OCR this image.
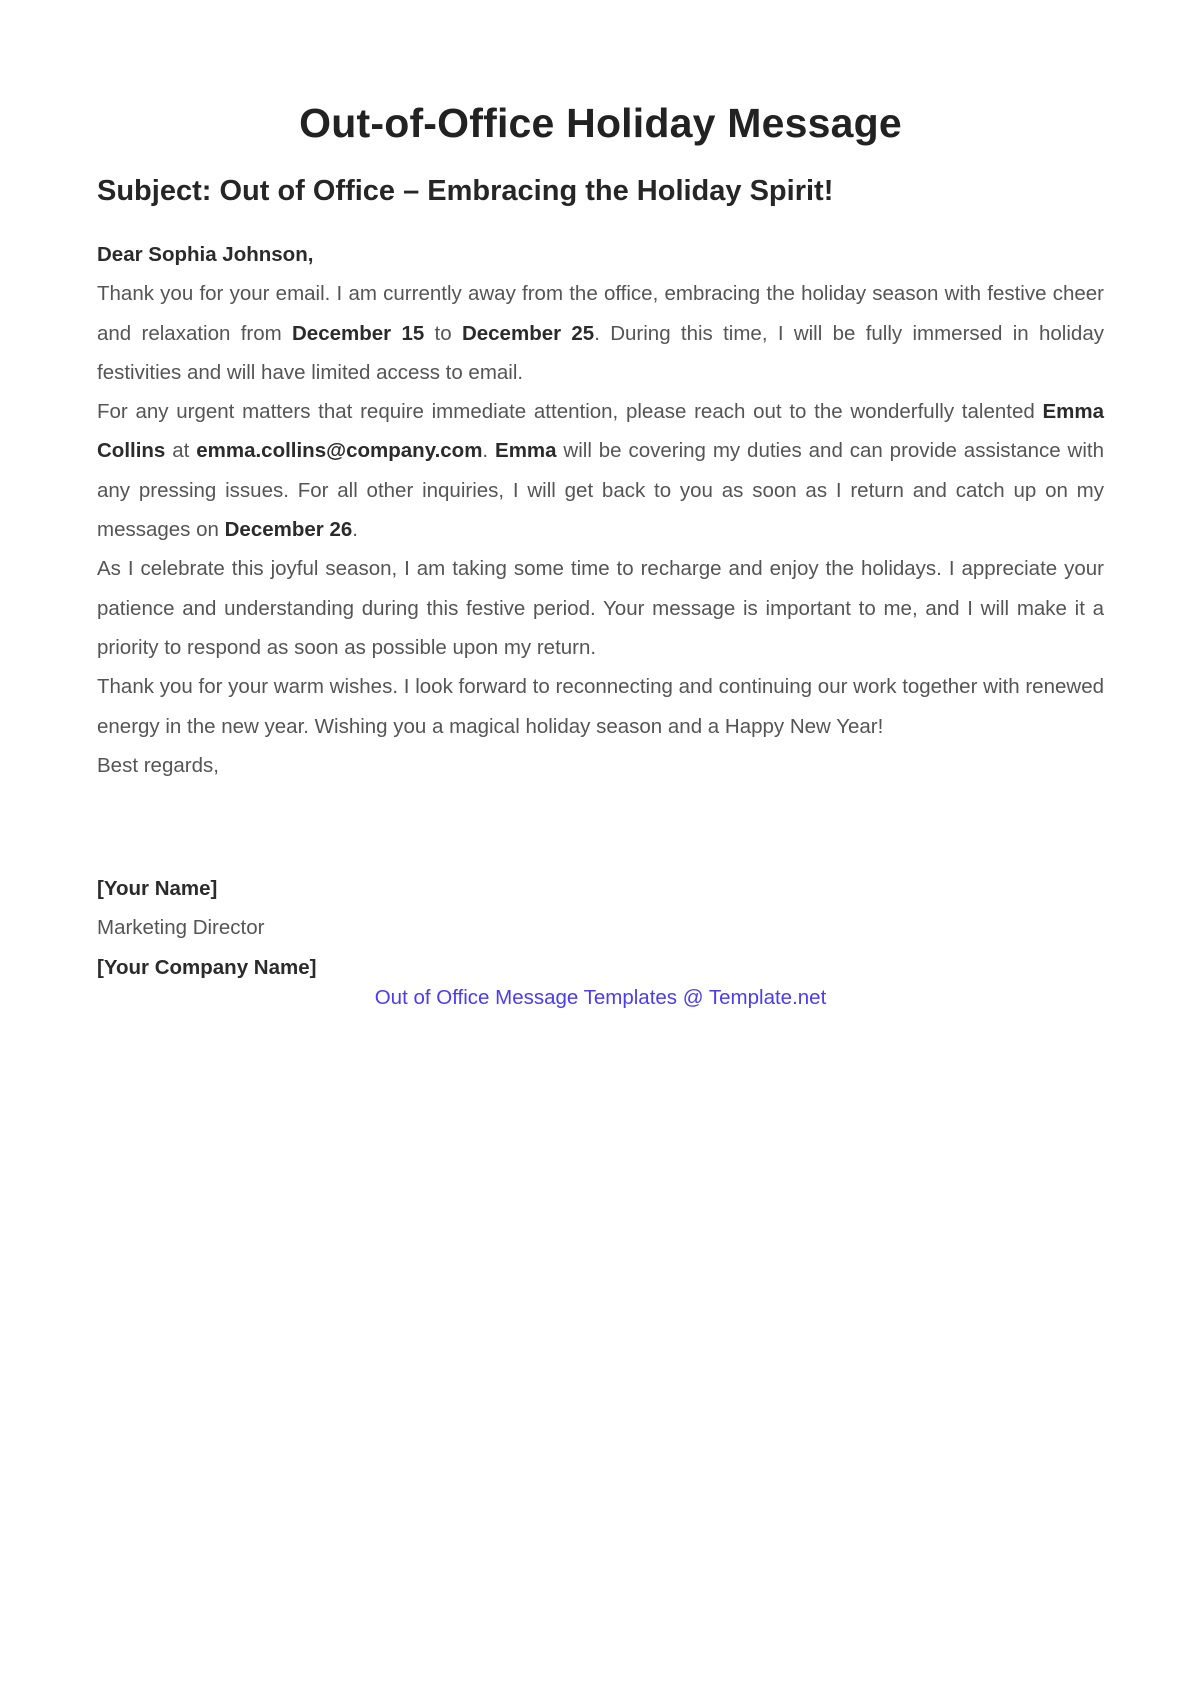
Out-of-Office Holiday Message
Subject: Out of Office – Embracing the Holiday Spirit!

Dear Sophia Johnson,

Thank you for your email. I am currently away from the office, embracing the holiday season with festive cheer and relaxation from December 15 to December 25. During this time, I will be fully immersed in holiday festivities and will have limited access to email.

For any urgent matters that require immediate attention, please reach out to the wonderfully talented Emma Collins at emma.collins@company.com. Emma will be covering my duties and can provide assistance with any pressing issues. For all other inquiries, I will get back to you as soon as I return and catch up on my messages on December 26.

As I celebrate this joyful season, I am taking some time to recharge and enjoy the holidays. I appreciate your patience and understanding during this festive period. Your message is important to me, and I will make it a priority to respond as soon as possible upon my return.

Thank you for your warm wishes. I look forward to reconnecting and continuing our work together with renewed energy in the new year. Wishing you a magical holiday season and a Happy New Year!

Best regards,

[Your Name]
Marketing Director
[Your Company Name]
Out of Office Message Templates @ Template.net
